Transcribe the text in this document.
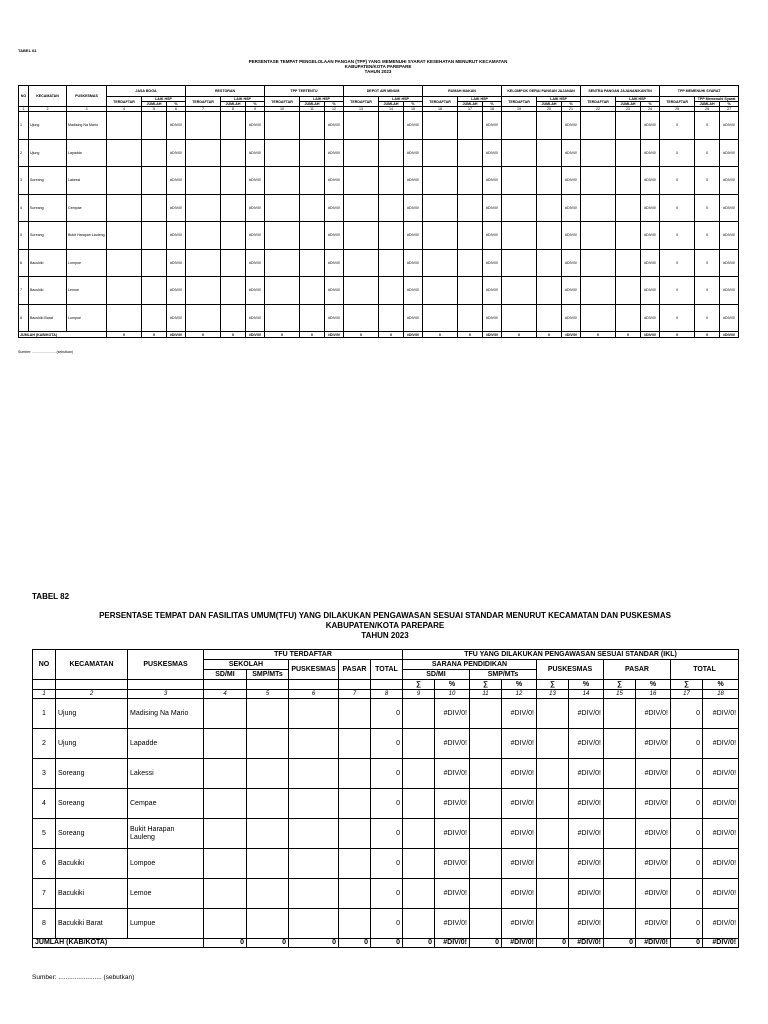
TABEL 81
PERSENTASE TEMPAT PENGELOLAAN PANGAN (TPP) YANG MEMENUHI SYARAT KESEHATAN MENURUT KECAMATAN
KABUPATEN/KOTA PAREPARE
TAHUN 2023
NO	KECAMATAN	PUSKESMAS	JASA BOGA			RESTORAN			TPP TERTENTU			DEPOT AIR MINUM			RUMAH MAKAN			KELOMPOK GERAI PANGAN JAJANAN			SENTRA PANGAN JAJANAN/KANTIN			TPP MEMENUHI SYARAT		
			TERDAFTAR	LAIK HSP		TERDAFTAR	LAIK HSP		TERDAFTAR	LAIK HSP		TERDAFTAR	LAIK HSP		TERDAFTAR	LAIK HSP		TERDAFTAR	LAIK HSP		TERDAFTAR	LAIK HSP		TERDAFTAR	TPP Memenuhi Syarat	
				JUMLAH	%		JUMLAH	%		JUMLAH	%		JUMLAH	%		JUMLAH	%		JUMLAH	%		JUMLAH	%		JUMLAH	%
1	2	3	4	5	6	7	8	9	10	11	12	13	14	15	16	17	18	19	20	21	22	23	24	25	26	27
1	Ujung	Madising Na Mario			#DIV/0!			#DIV/0!			#DIV/0!			#DIV/0!			#DIV/0!			#DIV/0!			#DIV/0!	0	0	#DIV/0!
2	Ujung	Lapadde			#DIV/0!			#DIV/0!			#DIV/0!			#DIV/0!			#DIV/0!			#DIV/0!			#DIV/0!	0	0	#DIV/0!
3	Soreang	Lakessi			#DIV/0!			#DIV/0!			#DIV/0!			#DIV/0!			#DIV/0!			#DIV/0!			#DIV/0!	0	0	#DIV/0!
4	Soreang	Cempae			#DIV/0!			#DIV/0!			#DIV/0!			#DIV/0!			#DIV/0!			#DIV/0!			#DIV/0!	0	0	#DIV/0!
5	Soreang	Bukit Harapan Lauleng			#DIV/0!			#DIV/0!			#DIV/0!			#DIV/0!			#DIV/0!			#DIV/0!			#DIV/0!	0	0	#DIV/0!
6	Bacukiki	Lompoe			#DIV/0!			#DIV/0!			#DIV/0!			#DIV/0!			#DIV/0!			#DIV/0!			#DIV/0!	0	0	#DIV/0!
7	Bacukiki	Lemoe			#DIV/0!			#DIV/0!			#DIV/0!			#DIV/0!			#DIV/0!			#DIV/0!			#DIV/0!	0	0	#DIV/0!
8	Bacukiki Barat	Lumpue			#DIV/0!			#DIV/0!			#DIV/0!			#DIV/0!			#DIV/0!			#DIV/0!			#DIV/0!	0	0	#DIV/0!
JUMLAH (KAB/KOTA)			0	0	#DIV/0!	0	0	#DIV/0!	0	0	#DIV/0!	0	0	#DIV/0!	0	0	#DIV/0!	0	0	#DIV/0!	0	0	#DIV/0!	0	0	#DIV/0!
Sumber: ........................ (sebutkan)
TABEL 82
PERSENTASE TEMPAT DAN FASILITAS UMUM(TFU) YANG DILAKUKAN PENGAWASAN SESUAI STANDAR MENURUT KECAMATAN DAN PUSKESMAS
KABUPATEN/KOTA PAREPARE
TAHUN 2023
NO	KECAMATAN	PUSKESMAS	TFU TERDAFTAR					TFU YANG DILAKUKAN PENGAWASAN SESUAI STANDAR (IKL)									
			SEKOLAH		PUSKESMAS	PASAR	TOTAL	SARANA PENDIDIKAN				PUSKESMAS		PASAR		TOTAL	
			SD/MI	SMP/MTs				SD/MI		SMP/MTs							
								∑	%	∑	%	∑	%	∑	%	∑	%
1	2	3	4	5	6	7	8	9	10	11	12	13	14	15	16	17	18
1	Ujung	Madising Na Mario					0		#DIV/0!		#DIV/0!		#DIV/0!		#DIV/0!	0	#DIV/0!
2	Ujung	Lapadde					0		#DIV/0!		#DIV/0!		#DIV/0!		#DIV/0!	0	#DIV/0!
3	Soreang	Lakessi					0		#DIV/0!		#DIV/0!		#DIV/0!		#DIV/0!	0	#DIV/0!
4	Soreang	Cempae					0		#DIV/0!		#DIV/0!		#DIV/0!		#DIV/0!	0	#DIV/0!
5	Soreang	Bukit Harapan Lauleng					0		#DIV/0!		#DIV/0!		#DIV/0!		#DIV/0!	0	#DIV/0!
6	Bacukiki	Lompoe					0		#DIV/0!		#DIV/0!		#DIV/0!		#DIV/0!	0	#DIV/0!
7	Bacukiki	Lemoe					0		#DIV/0!		#DIV/0!		#DIV/0!		#DIV/0!	0	#DIV/0!
8	Bacukiki Barat	Lumpue					0		#DIV/0!		#DIV/0!		#DIV/0!		#DIV/0!	0	#DIV/0!
JUMLAH (KAB/KOTA)			0	0	0	0	0	0	#DIV/0!	0	#DIV/0!	0	#DIV/0!	0	#DIV/0!	0	#DIV/0!
Sumber: ........................ (sebutkan)
